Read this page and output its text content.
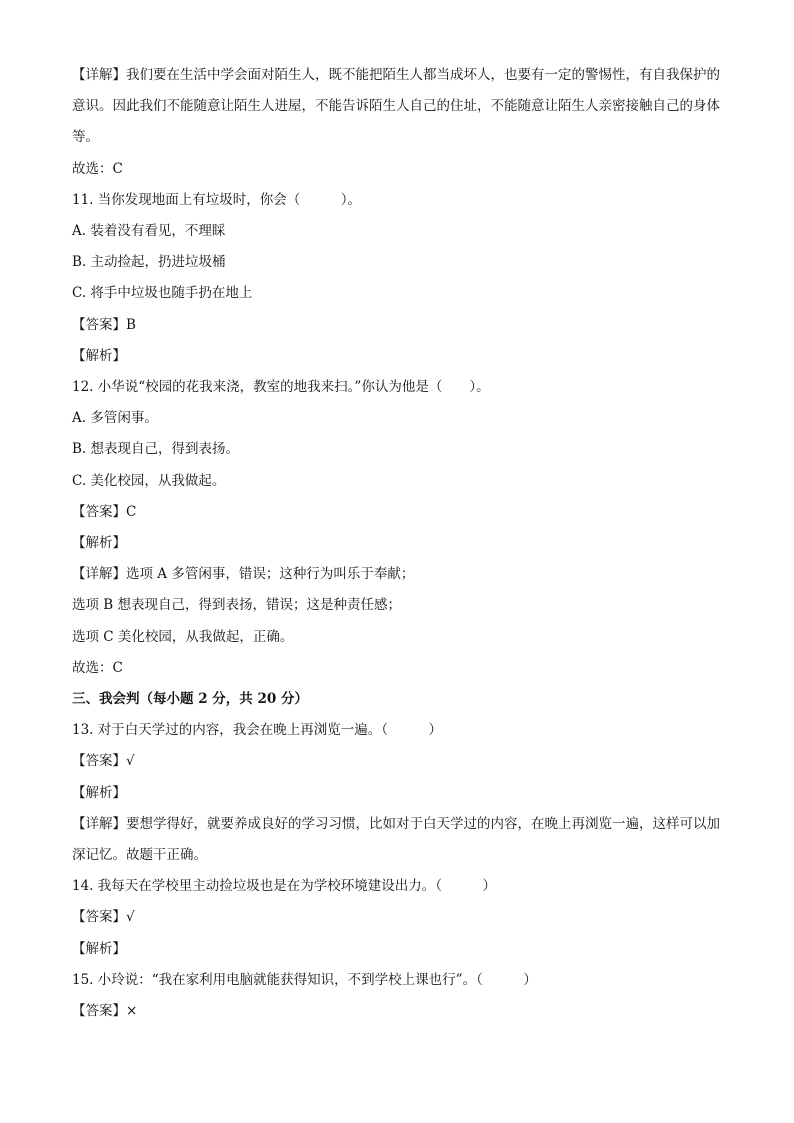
【详解】我们要在生活中学会面对陌生人，既不能把陌生人都当成坏人，也要有一定的警惕性，有自我保护的意识。因此我们不能随意让陌生人进屋，不能告诉陌生人自己的住址，不能随意让陌生人亲密接触自己的身体等。
故选：C
11. 当你发现地面上有垃圾时，你会（　　　）。
A. 装着没有看见，不理睬
B. 主动捡起，扔进垃圾桶
C. 将手中垃圾也随手扔在地上
【答案】B
【解析】
12. 小华说“校园的花我来浇，教室的地我来扫。”你认为他是（　　）。
A. 多管闲事。
B. 想表现自己，得到表扬。
C. 美化校园，从我做起。
【答案】C
【解析】
【详解】选项 A 多管闲事，错误；这种行为叫乐于奉献；
选项 B 想表现自己，得到表扬，错误；这是种责任感；
选项 C 美化校园，从我做起，正确。
故选：C
三、我会判（每小题 2 分，共 20 分）
13. 对于白天学过的内容，我会在晚上再浏览一遍。（　　　）
【答案】√
【解析】
【详解】要想学得好，就要养成良好的学习习惯，比如对于白天学过的内容，在晚上再浏览一遍，这样可以加深记忆。故题干正确。
14. 我每天在学校里主动捡垃圾也是在为学校环境建设出力。（　　　）
【答案】√
【解析】
15. 小玲说：“我在家利用电脑就能获得知识，不到学校上课也行”。（　　　）
【答案】×
